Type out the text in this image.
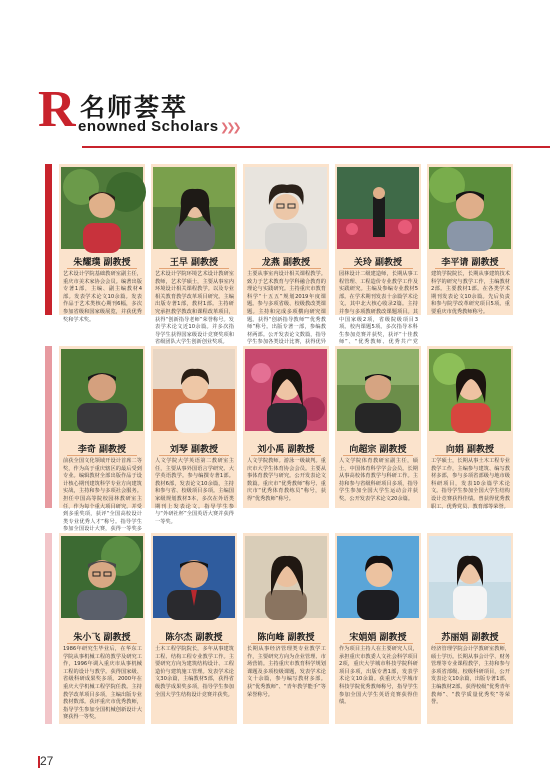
R 名师荟萃
enowned Scholars ❯❯❯
朱耀璞 副教授
艺术设计学院基础教研室副主任，重庆市美术家协会会员。编著出版专著1部，主编、副主编教材4部。发表学术论文10余篇。发表作品于艺术类核心期刊6幅，多次参加省级和国家级展览，并获优秀奖和学术奖。
王早 副教授
艺术设计学院环境艺术设计教研室教师，艺术学硕士，主要从事室内环境设计相关课程教学。以及专业相关教育教学改革项目研究。主编出版专著1部，教材1部。主持研究承担教学教改和课程改革项目，获得“创新指导老师”荣誉称号。发表学术论文近10余篇。并多次指导学生获得国家级设计竞赛奖项和省级团队大学生创新创业奖项。
龙燕 副教授
主要从事室内设计相关课程教学。致力于艺术教育与学科融合教育的理论与实践研究。主持重庆市教育科学“十五五”规划2019年度课题。参与多项省级、校级教改类课题。主持和完成多项横向研究课题。获得“创新指导教师”“优秀教师”称号。出版专著一部，参编教材两部。公开发表论文数篇，指导学生参加各类设计比赛，获得优异
关玲 副教授
园林设计二级建造师，长期从事工程管理、工程造价专业教学工作及实践研究。主编及参编专业教材5部。在学术期刊发表十余篇学术论文。其中北大核心收录2篇。主持并参与多项教研教改课题项目。其中国家级2项，省级院级项目3项。校内课题5项。多次指导本科生参加竞赛并获奖，获评“十佳教师”、“优秀教师、优秀共产党
李平请 副教授
建筑学院院长，长期从事建筑技术科学的研究与教学工作，主编教材2部。主要教材1部。在各类学术期刊发表论文10余篇。先后负责和参与院学改革研究项目5项。重要重庆市优秀教师称号。
李奇 副教授
前获全国文化领域开设计首席二等奖，作为高于重庆辖区的最后受到专业。编辑教材全部出版作品于设计核心期刊建筑科学专业方向建筑实战，主持和参与多项社会服务。担任中国高等院校园林教研室主任，作为每个重大项目研究。并受到多重奖项，获评“全国高校设计类专业优秀人才”称号。指导学生参加全国设计大赛，获得一等奖多
刘琴 副教授
人文学院大学英语第二教研室主任，主要从事外国语言学研究、大学英语教学。参与编撰专著1部。教材6部，发表论文10余篇，主持和参与省、校级项目多项。主编国家级规划教材3本，多次在外语类期刊上发表论文。指导学生参与“外研社杯”全国英语大赛并获得一等奖。
刘小禹 副教授
人文学院教师。游泳一级裁判。重庆市大学生体育协会会员。主要从事体育教学与研究。公开发表论文数篇。重庆市“优秀教师”称号、重庆市“优秀体育教练员”称号，获得“优秀教师”称号。
向超宗 副教授
人文学院体育教研室副主任，硕士，中国体育科学学会会员。长期从事高校体育教学与科研工作。主持和参与省级科研项目多项，指导学生参加全国大学生运动会并获奖。公开发表学术论文20余篇。
向娟 副教授
工学硕士，长期从事土木工程专业教学工作，主编参与建筑、编写教材多部，参与多项省部级与地市级科研项目，发表10余篇学术论文。指导学生参加全国大学生结构设计竞赛获得佳绩。曾获得优秀教职工、优秀党员、教育部等荣誉。
朱小飞 副教授
1986年研究生毕业后，在华东工学院从事机械工程的教学及研究工作，1996年调入重庆市从事机械工程的设计与教学。获得国家级、省级科研成果奖多项。2000年在重庆大学机械工程学院任教。主持教学改革项目多项，主编出版专业教材数部。获评重庆市优秀教师，指导学生参加全国机械创新设计大赛获得一等奖。
陈尔杰 副教授
土木工程学院院长，多年从事建筑工程、结构工程专业教学工作。主要研究方向为建筑结构设计、工程造价与建筑施工管理。发表学术论文30余篇，主编教材5部，获得省级教学成果奖多项，指导学生参加全国大学生结构设计竞赛并获奖。
陈向峰 副教授
长期从事经济管理类专业教学工作，主要研究方向为企业管理、市场营销。主持重庆市教育科学规划课题及多项校级课题，发表学术论文十余篇，参与编写教材多部。获“优秀教师”、“青年教学能手”等荣誉称号。
宋娟娟 副教授
作为项目主持人在主要研究人员，承担重庆市教委人文社会科学项目2项，重庆大学城市科技学院科研项目多项，出版专著1部，发表学术论文10余篇。获重庆大学城市科技学院优秀教师称号，指导学生参加全国大学生英语竞赛获得佳绩。
苏丽娟 副教授
经济管理学院会计学教研室教师，硕士学历。长期从事会计学、财务管理等专业课程教学，主持和参与多项省部级、校级科研项目，公开发表论文10余篇，出版专著1部，主编教材2部。获得校级“优秀青年教师”、“教学质量优秀奖”等荣誉。
27
